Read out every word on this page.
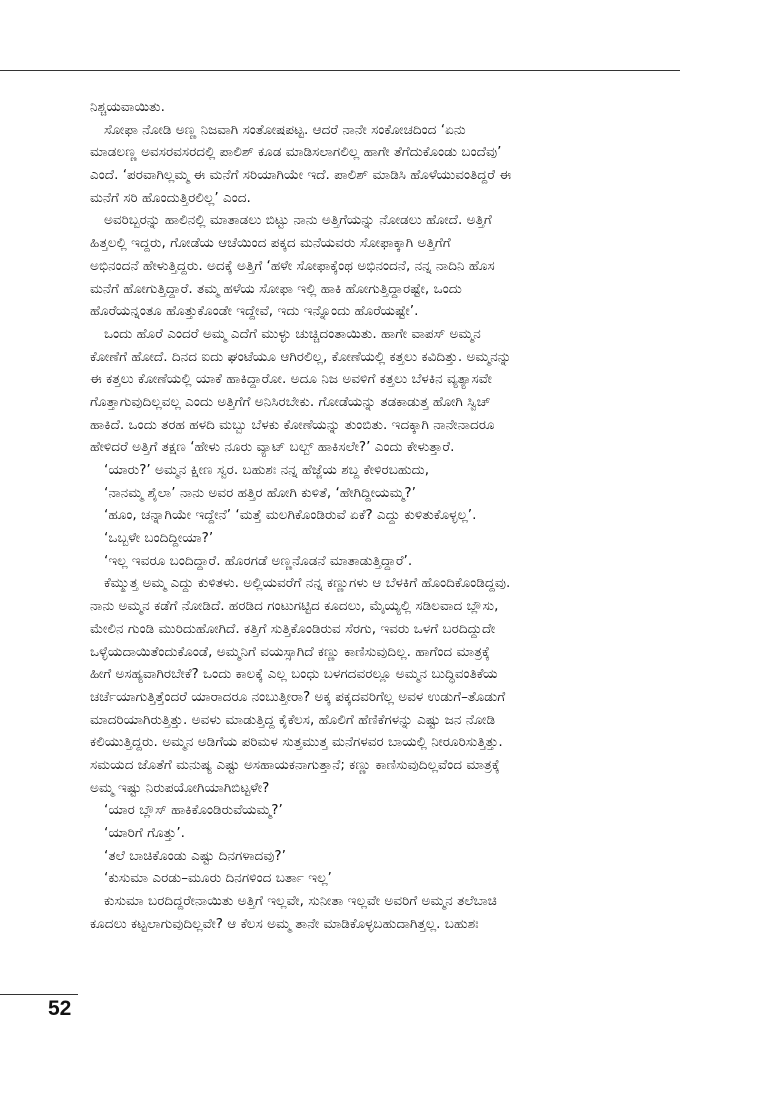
ನಿಶ್ಚಯವಾಯಿತು.
ಸೋಫಾ ನೋಡಿ ಅಣ್ಣ ನಿಜವಾಗಿ ಸಂತೋಷಪಟ್ಟ. ಆದರೆ ನಾನೇ ಸಂಕೋಚದಿಂದ ‘ಏನು
ಮಾಡಲಣ್ಣ ಅವಸರವಸರದಲ್ಲಿ ಪಾಲಿಶ್ ಕೂಡ ಮಾಡಿಸಲಾಗಲಿಲ್ಲ ಹಾಗೇ ತೆಗೆದುಕೊಂಡು ಬಂದೆವು’
ಎಂದೆ. ‘ಪರವಾಗಿಲ್ಲಮ್ಮ ಈ ಮನೆಗೆ ಸರಿಯಾಗಿಯೇ ಇದೆ. ಪಾಲಿಶ್ ಮಾಡಿಸಿ ಹೊಳೆಯುವಂತಿದ್ದರೆ ಈ
ಮನೆಗೆ ಸರಿ ಹೊಂದುತ್ತಿರಲಿಲ್ಲ’ ಎಂದ.
ಅವರಿಬ್ಬರನ್ನು ಹಾಲಿನಲ್ಲಿ ಮಾತಾಡಲು ಬಿಟ್ಟು ನಾನು ಅತ್ತಿಗೆಯನ್ನು ನೋಡಲು ಹೋದೆ. ಅತ್ತಿಗೆ
ಹಿತ್ತಲಲ್ಲಿ ಇದ್ದರು, ಗೋಡೆಯ ಆಚೆಯಿಂದ ಪಕ್ಕದ ಮನೆಯವರು ಸೋಫಾಕ್ಕಾಗಿ ಅತ್ತಿಗೆಗೆ
ಅಭಿನಂದನೆ ಹೇಳುತ್ತಿದ್ದರು. ಅದಕ್ಕೆ ಅತ್ತಿಗೆ ‘ಹಳೇ ಸೋಫಾಕ್ಕೆಂಥ ಅಭಿನಂದನೆ, ನನ್ನ ನಾದಿನಿ ಹೊಸ
ಮನೆಗೆ ಹೋಗುತ್ತಿದ್ದಾರೆ. ತಮ್ಮ ಹಳೆಯ ಸೋಫಾ ಇಲ್ಲಿ ಹಾಕಿ ಹೋಗುತ್ತಿದ್ದಾರಷ್ಟೇ, ಒಂದು
ಹೊರೆಯನ್ನಂತೂ ಹೊತ್ತುಕೊಂಡೇ ಇದ್ದೇವೆ, ಇದು ಇನ್ನೊಂದು ಹೊರೆಯಷ್ಟೇ’.
ಒಂದು ಹೊರೆ ಎಂದರೆ ಅಮ್ಮ ಎದೆಗೆ ಮುಳ್ಳು ಚುಚ್ಚಿದಂತಾಯಿತು. ಹಾಗೇ ವಾಪಸ್ ಅಮ್ಮನ
ಕೋಣೆಗೆ ಹೋದೆ. ದಿನದ ಐದು ಘಂಟೆಯೂ ಆಗಿರಲಿಲ್ಲ, ಕೋಣೆಯಲ್ಲಿ ಕತ್ತಲು ಕವಿದಿತ್ತು. ಅಮ್ಮನನ್ನು
ಈ ಕತ್ತಲು ಕೋಣೆಯಲ್ಲಿ ಯಾಕೆ ಹಾಕಿದ್ದಾರೋ. ಅದೂ ನಿಜ ಅವಳಿಗೆ ಕತ್ತಲು ಬೆಳಕಿನ ವ್ಯತ್ಯಾಸವೇ
ಗೊತ್ತಾಗುವುದಿಲ್ಲವಲ್ಲ ಎಂದು ಅತ್ತಿಗೆಗೆ ಅನಿಸಿರಬೇಕು. ಗೋಡೆಯನ್ನು ತಡಕಾಡುತ್ತ ಹೋಗಿ ಸ್ವಿಚ್
ಹಾಕಿದೆ. ಒಂದು ತರಹ ಹಳದಿ ಮಬ್ಬು ಬೆಳಕು ಕೋಣೆಯನ್ನು ತುಂಬಿತು. ಇದಕ್ಕಾಗಿ ನಾನೇನಾದರೂ
ಹೇಳಿದರೆ ಅತ್ತಿಗೆ ತಕ್ಷಣ ‘ಹೇಳು ನೂರು ವ್ಯಾಟ್ ಬಲ್ಬ್ ಹಾಕಿಸಲೇ?’ ಎಂದು ಕೇಳುತ್ತಾರೆ.
‘ಯಾರು?’ ಅಮ್ಮನ ಕ್ಷೀಣ ಸ್ವರ. ಬಹುಶಃ ನನ್ನ ಹೆಜ್ಜೆಯ ಶಬ್ದ ಕೇಳಿರಬಹುದು,
‘ನಾನಮ್ಮ ಶೈಲಾ’ ನಾನು ಅವರ ಹತ್ತಿರ ಹೋಗಿ ಕುಳಿತೆ, ‘ಹೇಗಿದ್ದೀಯಮ್ಮ?’
‘ಹೂಂ, ಚನ್ನಾಗಿಯೇ ಇದ್ದೇನೆ’ ‘ಮತ್ತೆ ಮಲಗಿಕೊಂಡಿರುವೆ ಏಕೆ? ಎದ್ದು ಕುಳಿತುಕೊಳ್ಳಲ್ಲ’.
‘ಒಬ್ಬಳೇ ಬಂದಿದ್ದೀಯಾ?’
‘ಇಲ್ಲ ಇವರೂ ಬಂದಿದ್ದಾರೆ. ಹೊರಗಡೆ ಅಣ್ಣನೊಡನೆ ಮಾತಾಡುತ್ತಿದ್ದಾರೆ’.
ಕೆಮ್ಮುತ್ತ ಅಮ್ಮ ಎದ್ದು ಕುಳಿತಳು. ಅಲ್ಲಿಯವರೆಗೆ ನನ್ನ ಕಣ್ಣುಗಳು ಆ ಬೆಳಕಿಗೆ ಹೊಂದಿಕೊಂಡಿದ್ದವು.
ನಾನು ಅಮ್ಮನ ಕಡೆಗೆ ನೋಡಿದೆ. ಹರಡಿದ ಗಂಟುಗಟ್ಟಿದ ಕೂದಲು, ಮೈಯ್ಯಲ್ಲಿ ಸಡಿಲವಾದ ಬ್ಲೌಸು,
ಮೇಲಿನ ಗುಂಡಿ ಮುರಿದುಹೋಗಿದೆ. ಕತ್ತಿಗೆ ಸುತ್ತಿಕೊಂಡಿರುವ ಸೆರಗು, ಇವರು ಒಳಗೆ ಬರದಿದ್ದುದೇ
ಒಳ್ಳೆಯದಾಯಿತೆಂದುಕೊಂಡೆ, ಅಮ್ಮನಿಗೆ ವಯಸ್ಸಾಗಿದೆ ಕಣ್ಣು ಕಾಣಿಸುವುದಿಲ್ಲ. ಹಾಗೆಂದ ಮಾತ್ರಕ್ಕೆ
ಹೀಗೆ ಅಸಹ್ಯವಾಗಿರಬೇಕೆ? ಒಂದು ಕಾಲಕ್ಕೆ ಎಲ್ಲ ಬಂಧು ಬಳಗದವರಲ್ಲೂ ಅಮ್ಮನ ಬುದ್ಧಿವಂತಿಕೆಯ
ಚರ್ಚೆಯಾಗುತ್ತಿತ್ತೆಂದರೆ ಯಾರಾದರೂ ನಂಬುತ್ತೀರಾ? ಅಕ್ಕ ಪಕ್ಕದವರಿಗೆಲ್ಲ ಅವಳ ಉಡುಗೆ–ತೊಡುಗೆ
ಮಾದರಿಯಾಗಿರುತ್ತಿತ್ತು. ಅವಳು ಮಾಡುತ್ತಿದ್ದ ಕೈಕೆಲಸ, ಹೊಲಿಗೆ ಹೆಣಿಕೆಗಳನ್ನು ಎಷ್ಟು ಜನ ನೋಡಿ
ಕಲಿಯುತ್ತಿದ್ದರು. ಅಮ್ಮನ ಅಡಿಗೆಯ ಪರಿಮಳ ಸುತ್ತಮುತ್ತ ಮನೆಗಳವರ ಬಾಯಲ್ಲಿ ನೀರೂರಿಸುತ್ತಿತ್ತು.
ಸಮಯದ ಜೊತೆಗೆ ಮನುಷ್ಯ ಎಷ್ಟು ಅಸಹಾಯಕನಾಗುತ್ತಾನೆ; ಕಣ್ಣು ಕಾಣಿಸುವುದಿಲ್ಲವೆಂದ ಮಾತ್ರಕ್ಕೆ
ಅಮ್ಮ ಇಷ್ಟು ನಿರುಪಯೋಗಿಯಾಗಿಬಿಟ್ಟಳೇ?
‘ಯಾರ ಬ್ಲೌಸ್ ಹಾಕಿಕೊಂಡಿರುವೆಯಮ್ಮ?’
‘ಯಾರಿಗೆ ಗೊತ್ತು’.
‘ತಲೆ ಬಾಚಿಕೊಂಡು ಎಷ್ಟು ದಿನಗಳಾದವು?’
‘ಕುಸುಮಾ ಎರಡು–ಮೂರು ದಿನಗಳಿಂದ ಬರ್ತಾ ಇಲ್ಲ’
ಕುಸುಮಾ ಬರದಿದ್ದರೇನಾಯಿತು ಅತ್ತಿಗೆ ಇಲ್ಲವೇ, ಸುನೀತಾ ಇಲ್ಲವೇ ಅವರಿಗೆ ಅಮ್ಮನ ತಲೆಬಾಚಿ
ಕೂದಲು ಕಟ್ಟಲಾಗುವುದಿಲ್ಲವೇ? ಆ ಕೆಲಸ ಅಮ್ಮ ತಾನೇ ಮಾಡಿಕೊಳ್ಳಬಹುದಾಗಿತ್ತಲ್ಲ. ಬಹುಶಃ
52
